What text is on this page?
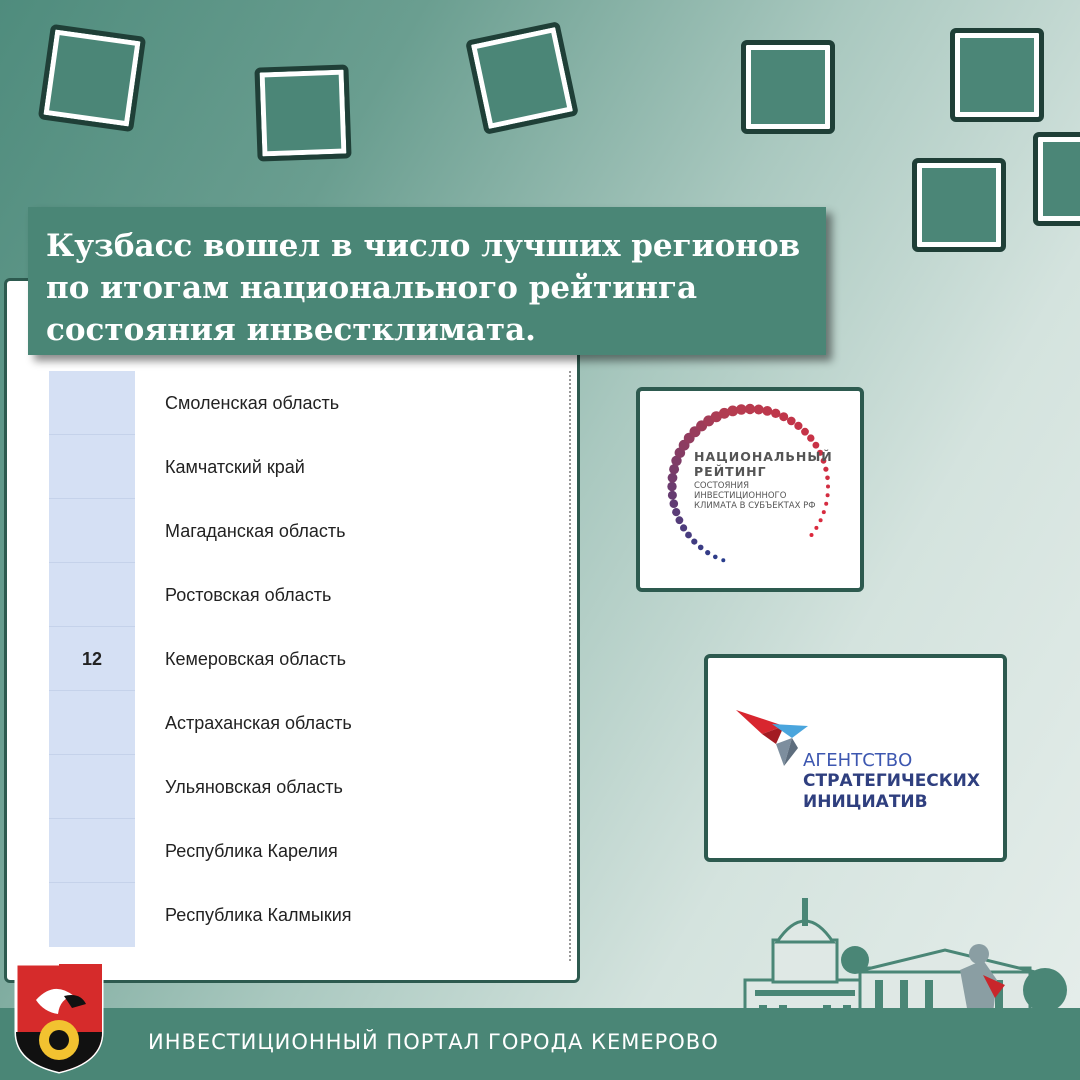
Смоленская область
Камчатский край
Магаданская область
Ростовская область
12	Кемеровская область
Астраханская область
Ульяновская область
Республика Карелия
Республика Калмыкия
Кузбасс вошел в число лучших регионов
по итогам национального рейтинга
состояния инвестклимата.
НАЦИОНАЛЬНЫЙ
РЕЙТИНГ
СОСТОЯНИЯ
ИНВЕСТИЦИОННОГО
КЛИМАТА В СУБЪЕКТАХ РФ
АГЕНТСТВО
СТРАТЕГИЧЕСКИХ
ИНИЦИАТИВ
ИНВЕСТИЦИОННЫЙ ПОРТАЛ ГОРОДА КЕМЕРОВО
